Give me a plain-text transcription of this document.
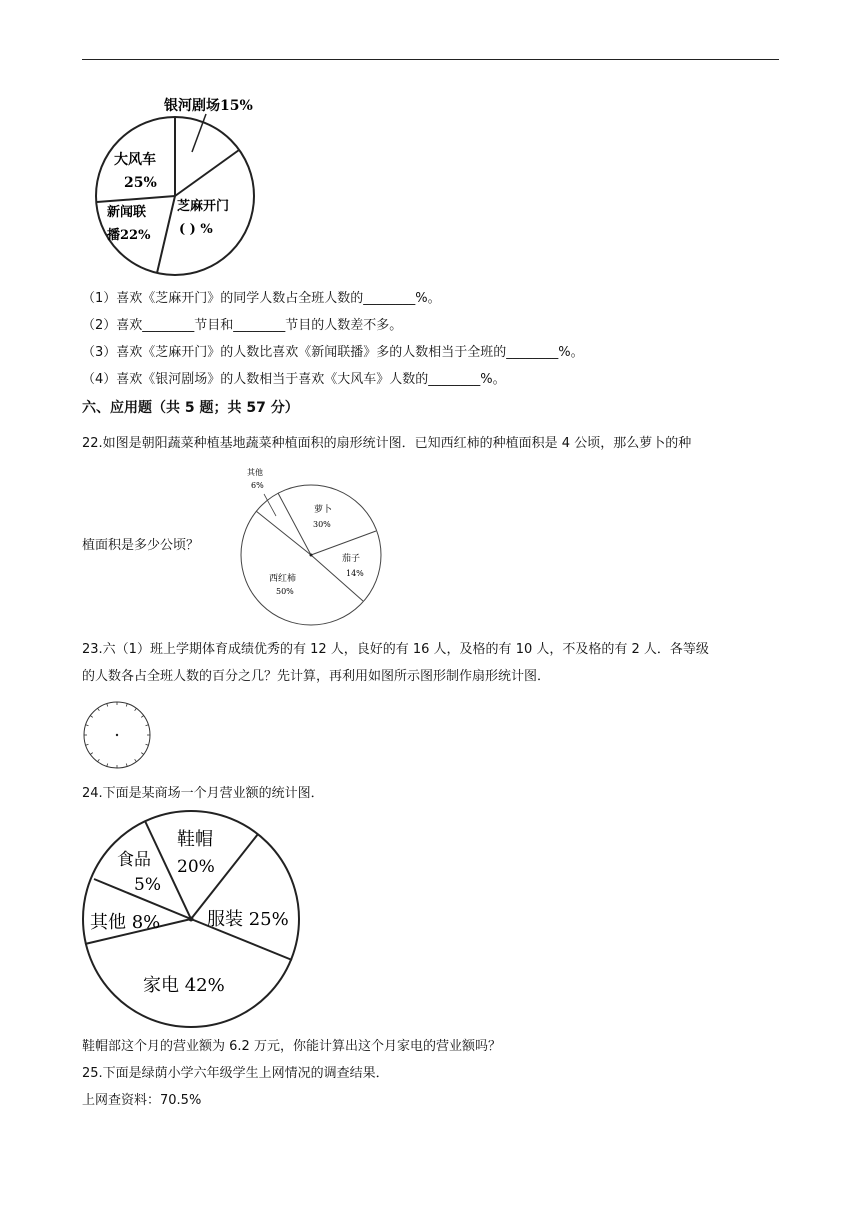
银河剧场15%
大风车
25%
新闻联
播22%
芝麻开门
( ) %
（1）喜欢《芝麻开门》的同学人数占全班人数的________%。
（2）喜欢________节目和________节目的人数差不多。
（3）喜欢《芝麻开门》的人数比喜欢《新闻联播》多的人数相当于全班的________%。
（4）喜欢《银河剧场》的人数相当于喜欢《大风车》人数的________%。
六、应用题（共 5 题；共 57 分）
22.如图是朝阳蔬菜种植基地蔬菜种植面积的扇形统计图．已知西红柿的种植面积是 4 公顷，那么萝卜的种
其他
6%
萝卜
30%
茄子
14%
西红柿
50%
植面积是多少公顷？
23.六（1）班上学期体育成绩优秀的有 12 人，良好的有 16 人，及格的有 10 人，不及格的有 2 人．各等级
的人数各占全班人数的百分之几？先计算，再利用如图所示图形制作扇形统计图．
24.下面是某商场一个月营业额的统计图．
鞋帽
20%
食品
5%
其他 8%	服装 25%
家电 42%
鞋帽部这个月的营业额为 6.2 万元，你能计算出这个月家电的营业额吗？
25.下面是绿荫小学六年级学生上网情况的调查结果．
上网查资料：70.5%
